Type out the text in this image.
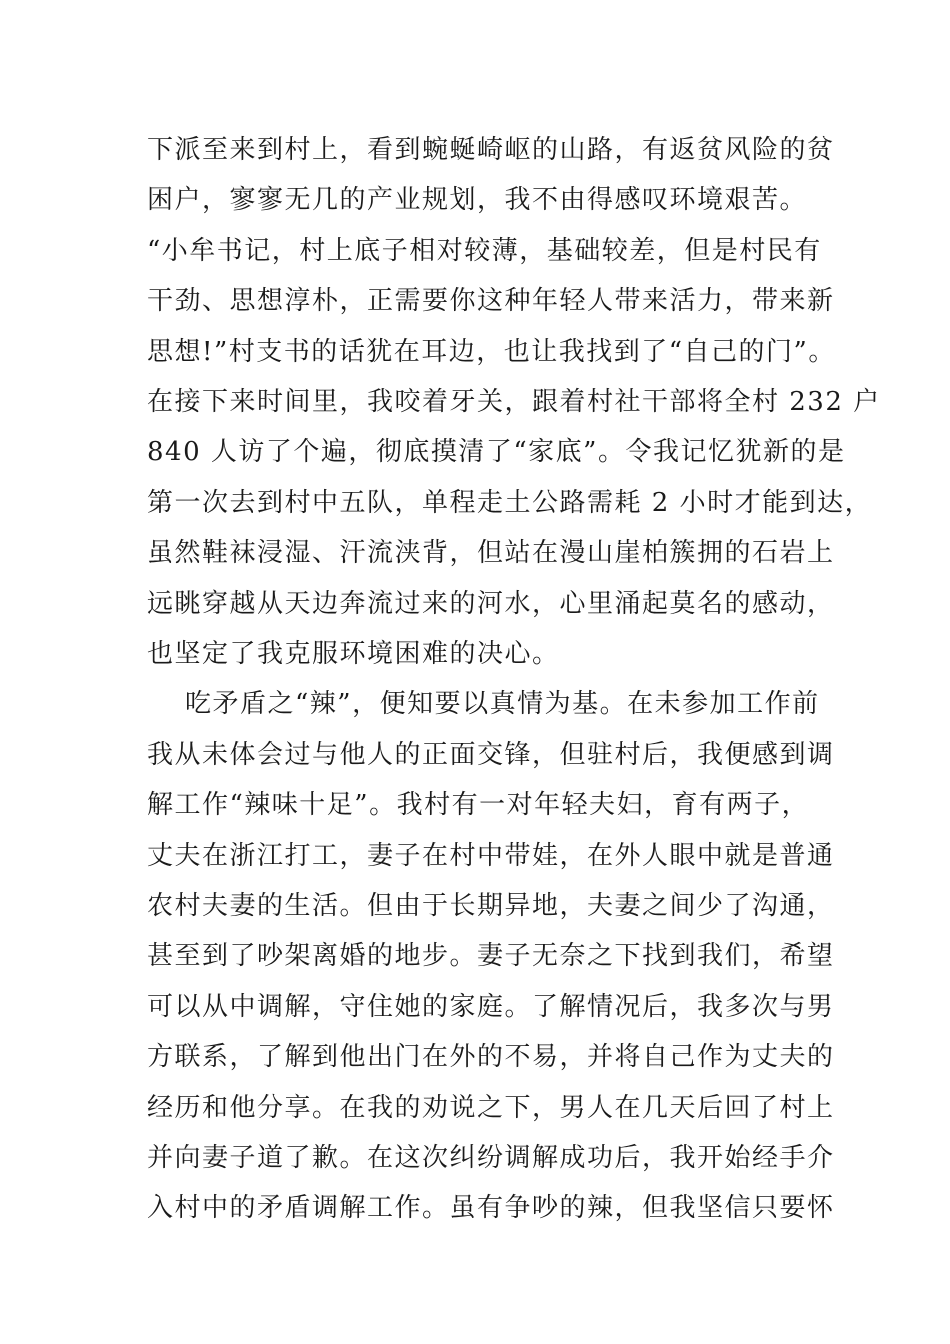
下派至来到村上，看到蜿蜒崎岖的山路，有返贫风险的贫
困户，寥寥无几的产业规划，我不由得感叹环境艰苦。
“小牟书记，村上底子相对较薄，基础较差，但是村民有
干劲、思想淳朴，正需要你这种年轻人带来活力，带来新
思想!”村支书的话犹在耳边，也让我找到了“自己的门”。
在接下来时间里，我咬着牙关，跟着村社干部将全村 232 户
840 人访了个遍，彻底摸清了“家底”。令我记忆犹新的是
第一次去到村中五队，单程走土公路需耗 2 小时才能到达，
虽然鞋袜浸湿、汗流浃背，但站在漫山崖柏簇拥的石岩上
远眺穿越从天边奔流过来的河水，心里涌起莫名的感动，
也坚定了我克服环境困难的决心。
吃矛盾之“辣”，便知要以真情为基。在未参加工作前
我从未体会过与他人的正面交锋，但驻村后，我便感到调
解工作“辣味十足”。我村有一对年轻夫妇，育有两子，
丈夫在浙江打工，妻子在村中带娃，在外人眼中就是普通
农村夫妻的生活。但由于长期异地，夫妻之间少了沟通，
甚至到了吵架离婚的地步。妻子无奈之下找到我们，希望
可以从中调解，守住她的家庭。了解情况后，我多次与男
方联系，了解到他出门在外的不易，并将自己作为丈夫的
经历和他分享。在我的劝说之下，男人在几天后回了村上
并向妻子道了歉。在这次纠纷调解成功后，我开始经手介
入村中的矛盾调解工作。虽有争吵的辣，但我坚信只要怀
